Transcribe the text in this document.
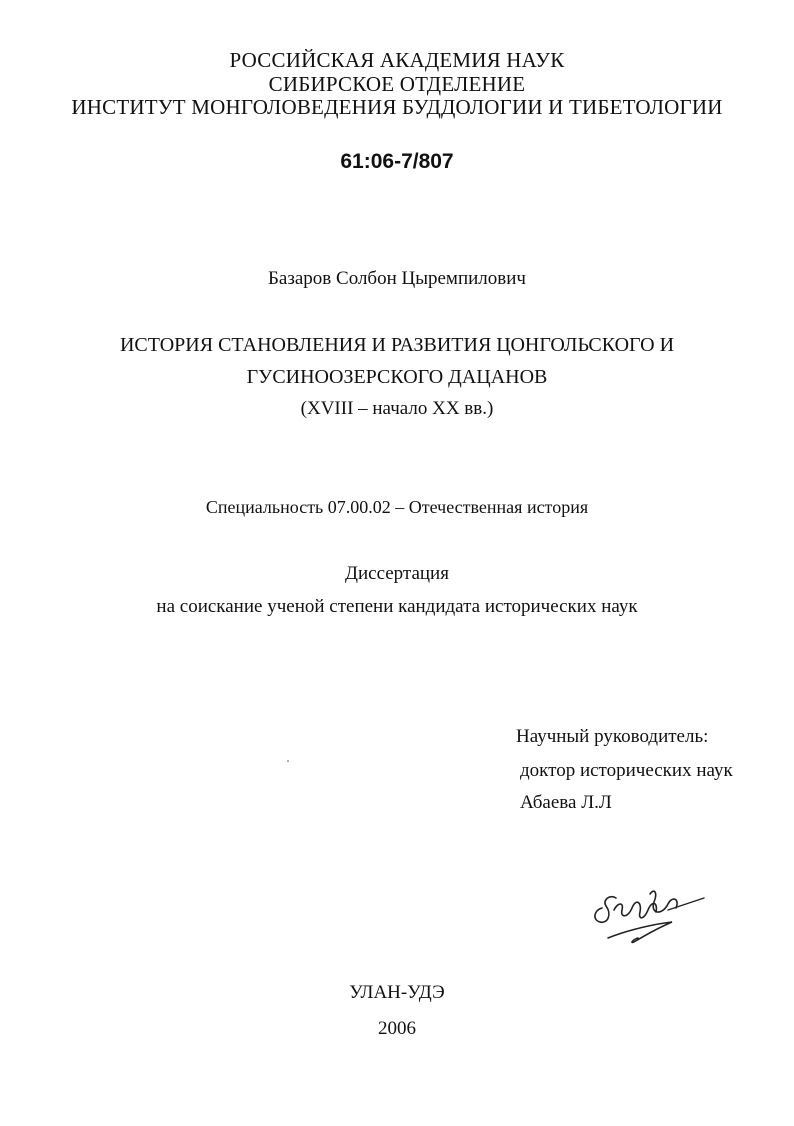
РОССИЙСКАЯ АКАДЕМИЯ НАУК
СИБИРСКОЕ ОТДЕЛЕНИЕ
ИНСТИТУТ МОНГОЛОВЕДЕНИЯ БУДДОЛОГИИ И ТИБЕТОЛОГИИ
61:06-7/807
Базаров Солбон Цыремпилович
ИСТОРИЯ СТАНОВЛЕНИЯ И РАЗВИТИЯ ЦОНГОЛЬСКОГО И
ГУСИНООЗЕРСКОГО ДАЦАНОВ
(XVIII – начало XX вв.)
Специальность 07.00.02 – Отечественная история
Диссертация
на соискание ученой степени кандидата исторических наук
Научный руководитель:
доктор исторических наук
Абаева Л.Л
УЛАН-УДЭ
2006
